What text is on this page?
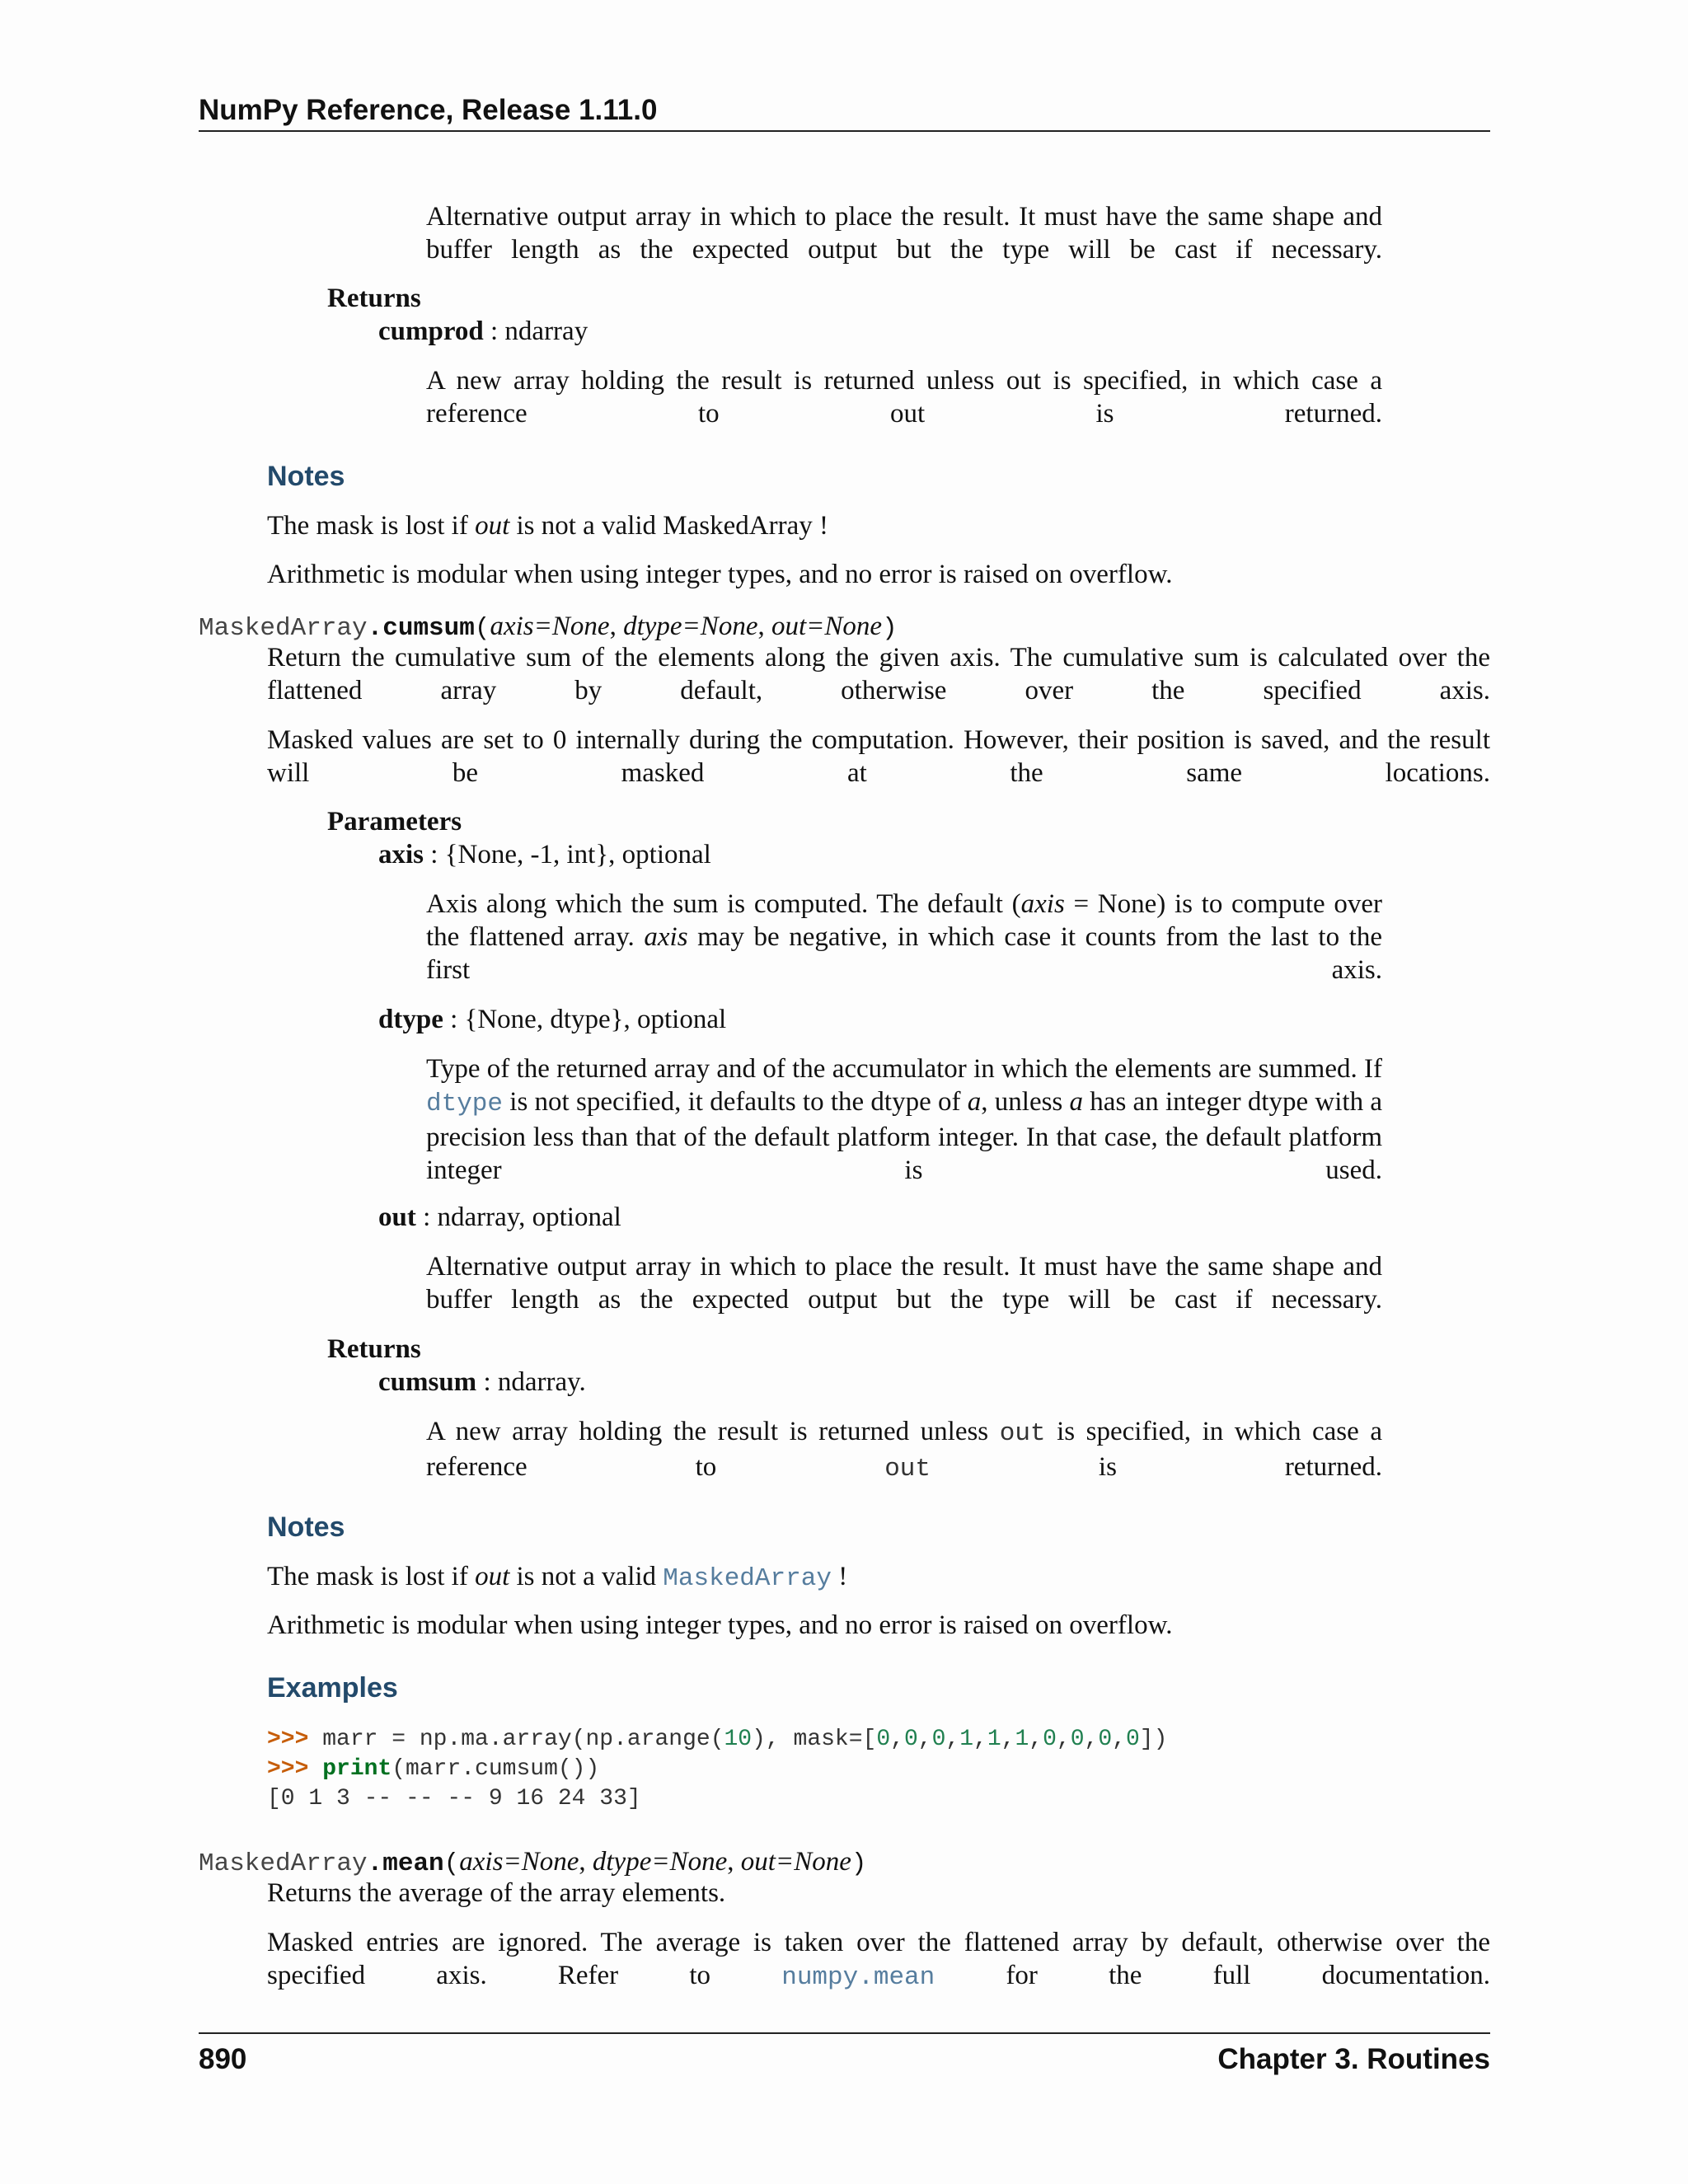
NumPy Reference, Release 1.11.0
Alternative output array in which to place the result. It must have the same shape and buffer length as the expected output but the type will be cast if necessary.
Returns
cumprod : ndarray
A new array holding the result is returned unless out is specified, in which case a reference to out is returned.
Notes
The mask is lost if out is not a valid MaskedArray !
Arithmetic is modular when using integer types, and no error is raised on overflow.
MaskedArray.cumsum(axis=None, dtype=None, out=None)
Return the cumulative sum of the elements along the given axis. The cumulative sum is calculated over the flattened array by default, otherwise over the specified axis.
Masked values are set to 0 internally during the computation. However, their position is saved, and the result will be masked at the same locations.
Parameters
axis : {None, -1, int}, optional
Axis along which the sum is computed. The default (axis = None) is to compute over the flattened array. axis may be negative, in which case it counts from the last to the first axis.
dtype : {None, dtype}, optional
Type of the returned array and of the accumulator in which the elements are summed. If dtype is not specified, it defaults to the dtype of a, unless a has an integer dtype with a precision less than that of the default platform integer. In that case, the default platform integer is used.
out : ndarray, optional
Alternative output array in which to place the result. It must have the same shape and buffer length as the expected output but the type will be cast if necessary.
Returns
cumsum : ndarray.
A new array holding the result is returned unless out is specified, in which case a reference to out is returned.
Notes
The mask is lost if out is not a valid MaskedArray !
Arithmetic is modular when using integer types, and no error is raised on overflow.
Examples
>>> marr = np.ma.array(np.arange(10), mask=[0,0,0,1,1,1,0,0,0,0])
>>> print(marr.cumsum())
[0 1 3 -- -- -- 9 16 24 33]
MaskedArray.mean(axis=None, dtype=None, out=None)
Returns the average of the array elements.
Masked entries are ignored. The average is taken over the flattened array by default, otherwise over the specified axis. Refer to numpy.mean for the full documentation.
890	Chapter 3. Routines
